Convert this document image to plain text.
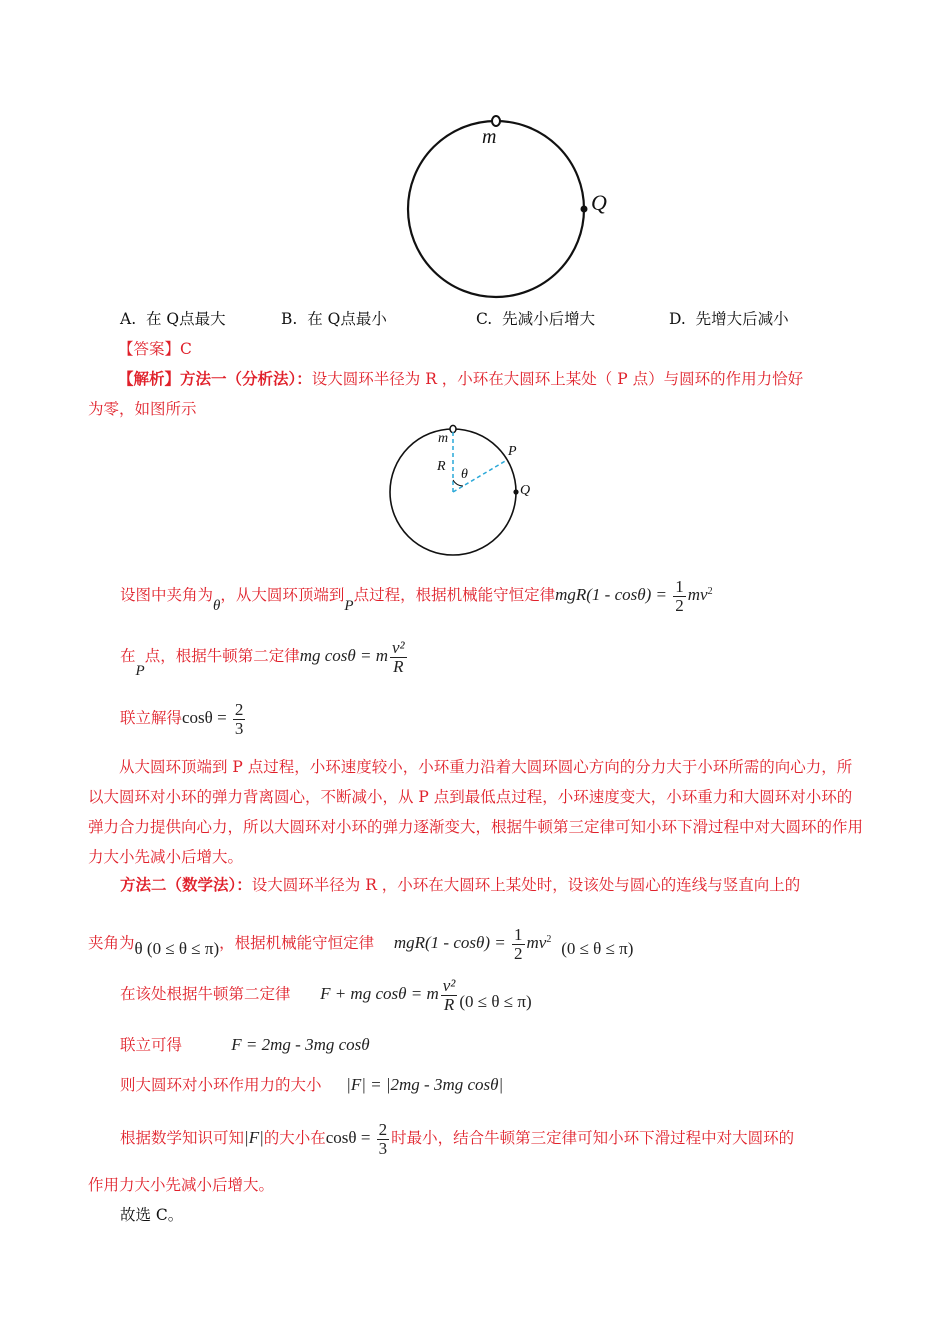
m
Q
A. 在 Q点最大	B. 在 Q点最小	C. 先减小后增大	D. 先增大后减小
【答案】C
【解析】方法一（分析法）：设大圆环半径为 R ，小环在大圆环上某处（ P 点）与圆环的作用力恰好
为零，如图所示
m
R
θ
P
Q
设图中夹角为θ，从大圆环顶端到P点过程，根据机械能守恒定律$mgR(1 - \cos\theta) = \frac{1}{2} mv^2$
在P点，根据牛顿第二定律mg cosθ = m $\frac{\text{v²}}{R}$
联立解得$\cos\theta = \frac{2}{3}$
从大圆环顶端到 P 点过程，小环速度较小，小环重力沿着大圆环圆心方向的分力大于小环所需的向心力，所以大圆环对小环的弹力背离圆心，不断减小，从 P 点到最低点过程，小环速度变大，小环重力和大圆环对小环的弹力合力提供向心力，所以大圆环对小环的弹力逐渐变大，根据牛顿第三定律可知小环下滑过程中对大圆环的作用力大小先减小后增大。
方法二（数学法）：设大圆环半径为 R ，小环在大圆环上某处时，设该处与圆心的连线与竖直向上的
夹角为θ (0 ≤ θ ≤ π)，根据机械能守恒定律 $mgR(1 - \cos\theta) = \frac{1}{2} mv^2$ (0 ≤ θ ≤ π)
在该处根据牛顿第二定律 F + mg cosθ = m $\frac{\text{v²}}{R} (0 \le \theta \le \pi)$
联立可得	F = 2mg - 3mg cosθ
则大圆环对小环作用力的大小 |F| = |2mg - 3mg cosθ|
根据数学知识可知|F|的大小在$\cos\theta = \frac{2}{3}$ 时最小，结合牛顿第三定律可知小环下滑过程中对大圆环的
作用力大小先减小后增大。
故选 C。
